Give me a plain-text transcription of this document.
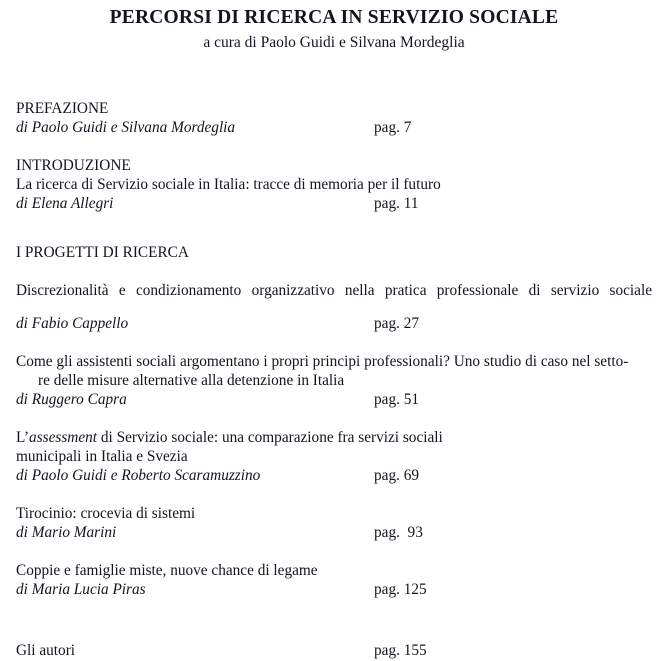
PERCORSI DI RICERCA IN SERVIZIO SOCIALE

a cura di Paolo Guidi e Silvana Mordeglia

PREFAZIONE
di Paolo Guidi e Silvana Mordeglia	pag. 7
INTRODUZIONE
La ricerca di Servizio sociale in Italia: tracce di memoria per il futuro
di Elena Allegri	pag. 11
I PROGETTI DI RICERCA
Discrezionalità e condizionamento organizzativo nella pratica professionale di servizio sociale
di Fabio Cappello	pag. 27
Come gli assistenti sociali argomentano i propri principi professionali? Uno studio di caso nel setto-
re delle misure alternative alla detenzione in Italia
di Ruggero Capra	pag. 51
L’assessment di Servizio sociale: una comparazione fra servizi sociali
municipali in Italia e Svezia
di Paolo Guidi e Roberto Scaramuzzino	pag. 69
Tirocinio: crocevia di sistemi
di Mario Marini	pag.  93
Coppie e famiglie miste, nuove chance di legame
di Maria Lucia Piras	pag. 125
Gli autori	pag. 155
